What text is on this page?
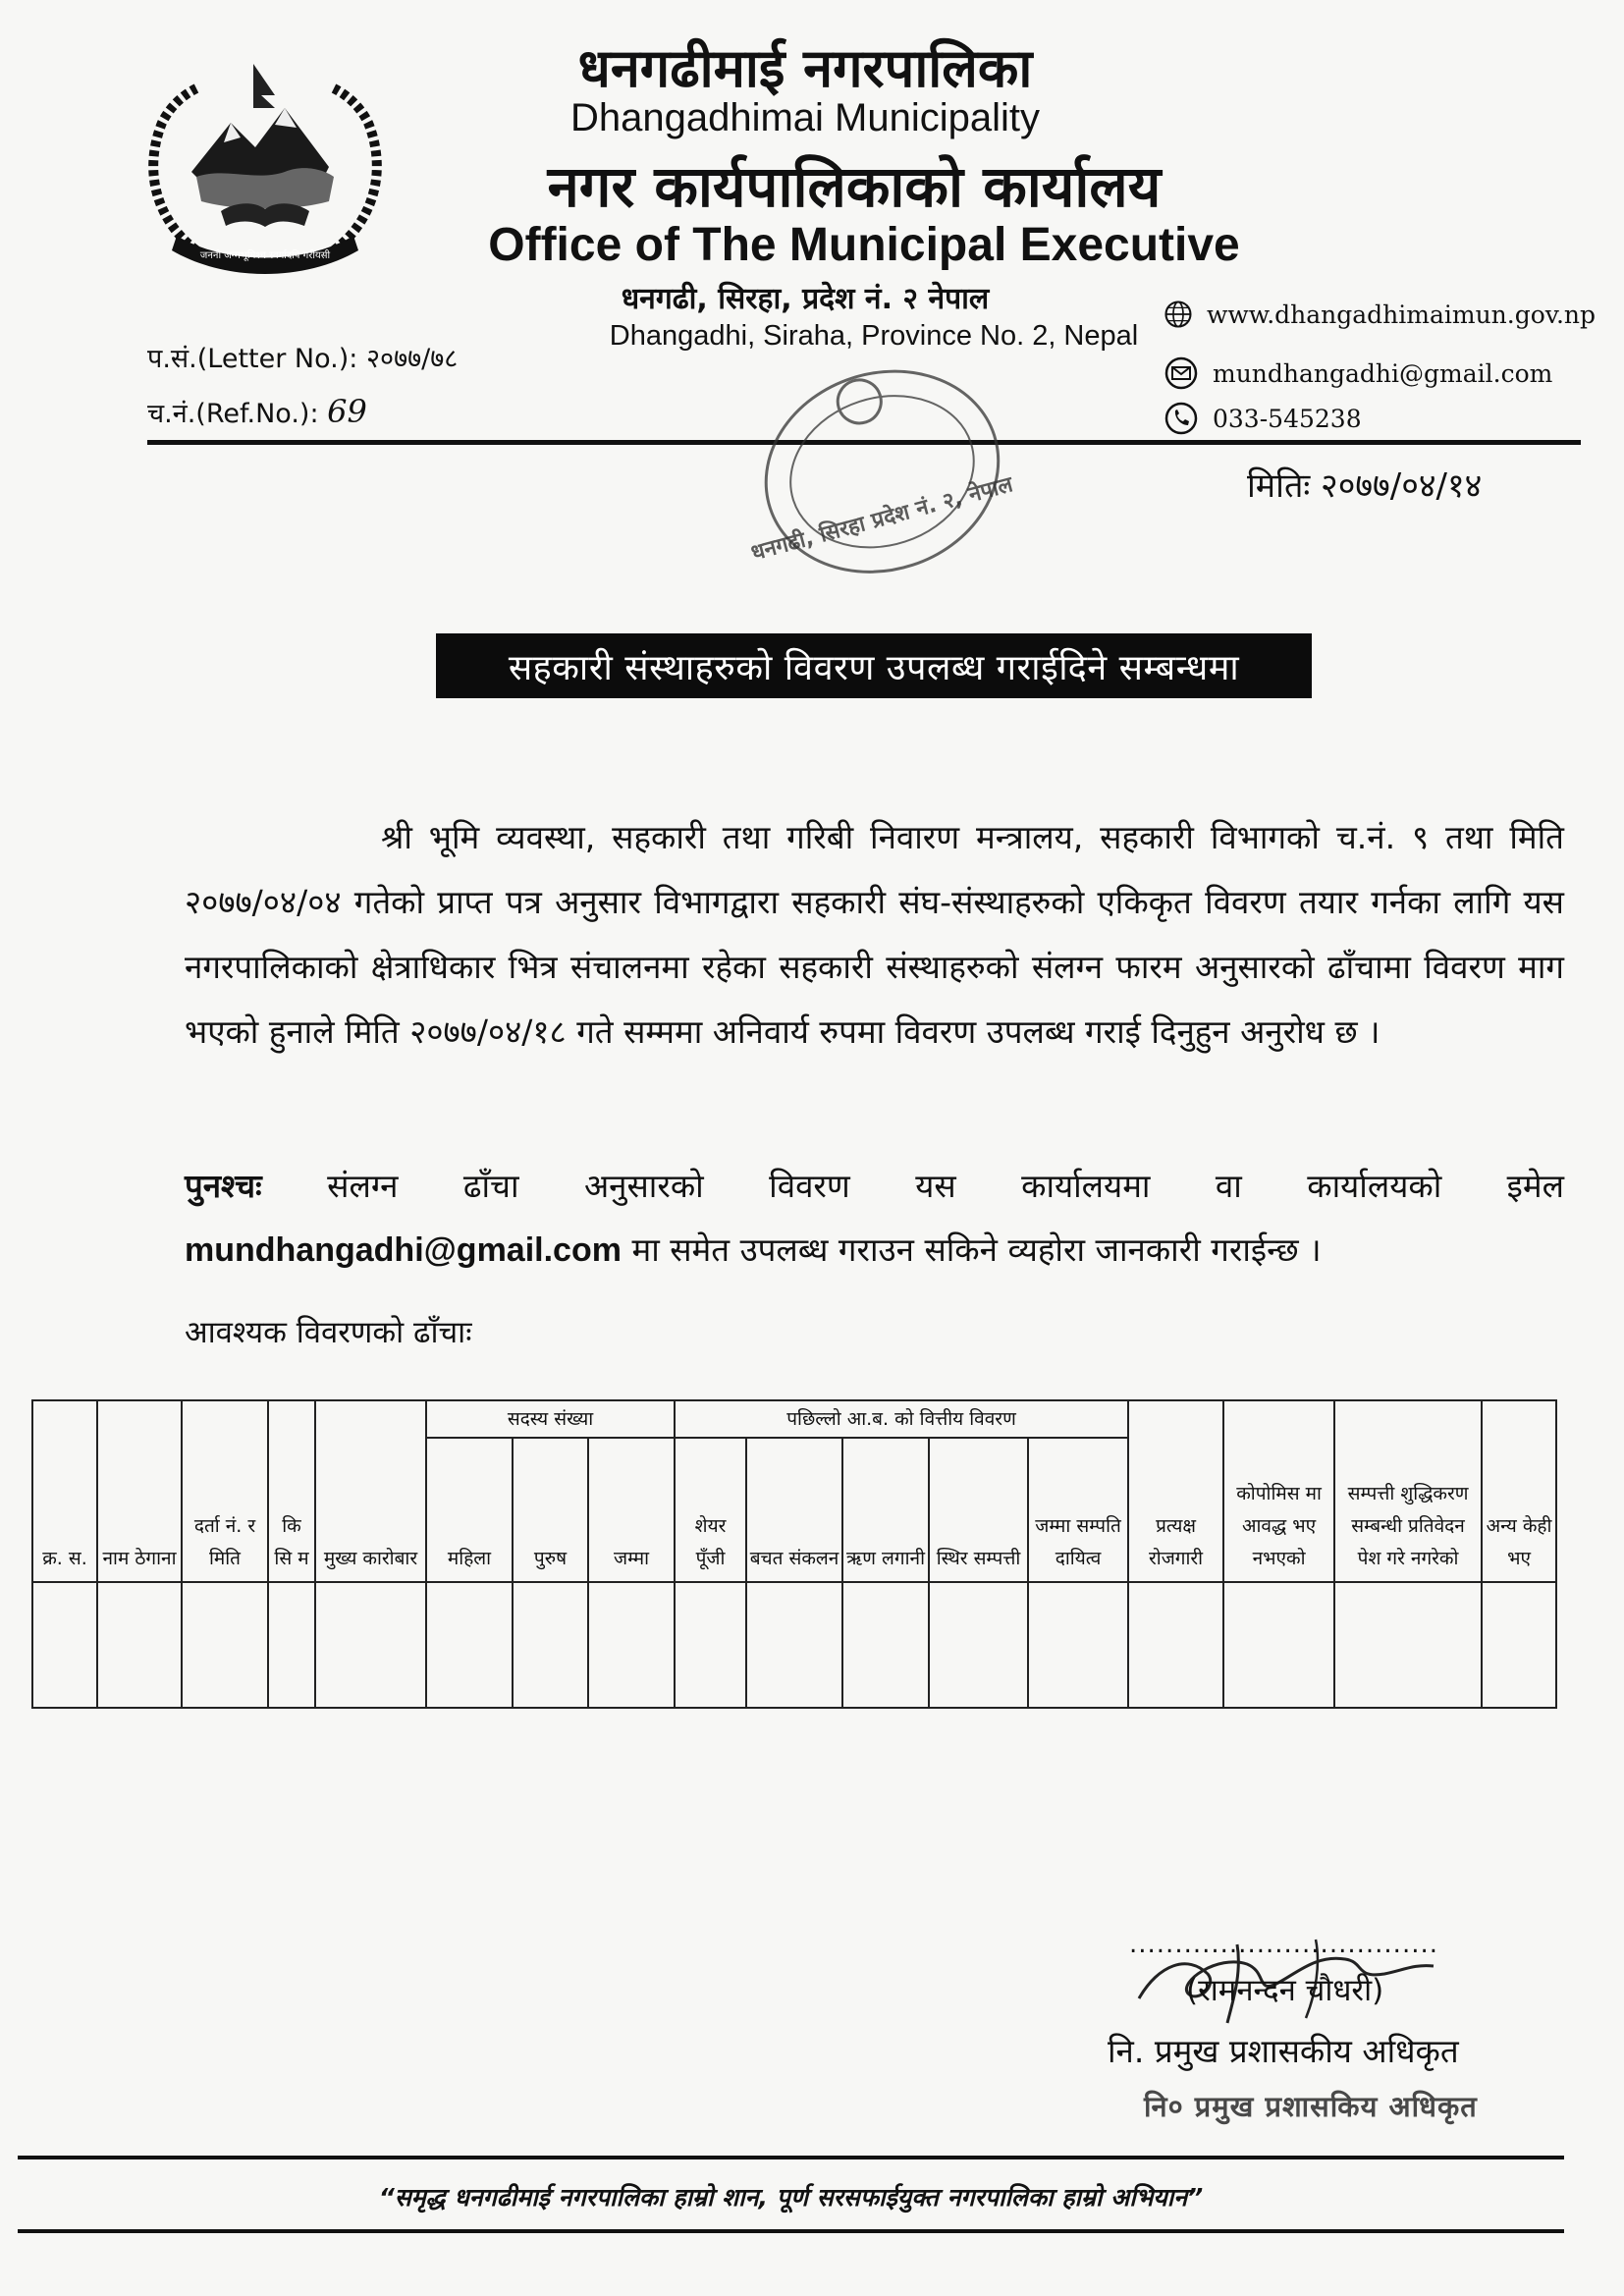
जननी जन्मभूमिश्च स्वर्गादपि गरीयसी
धनगढीमाई नगरपालिका
Dhangadhimai Municipality
नगर कार्यपालिकाको कार्यालय
Office of The Municipal Executive
धनगढी, सिरहा, प्रदेश नं. २ नेपाल
Dhangadhi, Siraha, Province No. 2, Nepal
www.dhangadhimaimun.gov.np
mundhangadhi@gmail.com
033-545238
प.सं.(Letter No.): २०७७/७८
च.नं.(Ref.No.): 69
मितिः २०७७/०४/१४
धनगढी, सिरहा प्रदेश नं. २, नेपाल
सहकारी संस्थाहरुको विवरण उपलब्ध गराईदिने सम्बन्धमा
श्री भूमि व्यवस्था, सहकारी तथा गरिबी निवारण मन्त्रालय, सहकारी विभागको च.नं. ९ तथा मिति २०७७/०४/०४ गतेको प्राप्त पत्र अनुसार विभागद्वारा सहकारी संघ-संस्थाहरुको एकिकृत विवरण तयार गर्नका लागि यस नगरपालिकाको क्षेत्राधिकार भित्र संचालनमा रहेका सहकारी संस्थाहरुको संलग्न फारम अनुसारको ढाँचामा विवरण माग भएको हुनाले मिति २०७७/०४/१८ गते सम्ममा अनिवार्य रुपमा विवरण उपलब्ध गराई दिनुहुन अनुरोध छ ।
पुनश्चः संलग्न ढाँचा अनुसारको विवरण यस कार्यालयमा वा कार्यालयको इमेल
mundhangadhi@gmail.com मा समेत उपलब्ध गराउन सकिने व्यहोरा जानकारी गराईन्छ ।
आवश्यक विवरणको ढाँचाः
क्र. स.	नाम ठेगाना	दर्ता नं. र मिति	कि सि म	मुख्य कारोबार	सदस्य संख्या			पछिल्लो आ.ब. को वित्तीय विवरण					प्रत्यक्ष रोजगारी	कोपोमिस मा आवद्ध भए नभएको	सम्पत्ती शुद्धिकरण सम्बन्धी प्रतिवेदन पेश गरे नगरेको	अन्य केही भए
					महिला	पुरुष	जम्मा	शेयर पूँजी	बचत संकलन	ऋण लगानी	स्थिर सम्पत्ती	जम्मा सम्पति दायित्व				

..................................
(रामनन्दन चौधरी)
नि. प्रमुख प्रशासकीय अधिकृत
नि० प्रमुख प्रशासकिय अधिकृत
“समृद्ध धनगढीमाई नगरपालिका हाम्रो शान, पूर्ण सरसफाईयुक्त नगरपालिका हाम्रो अभियान”
